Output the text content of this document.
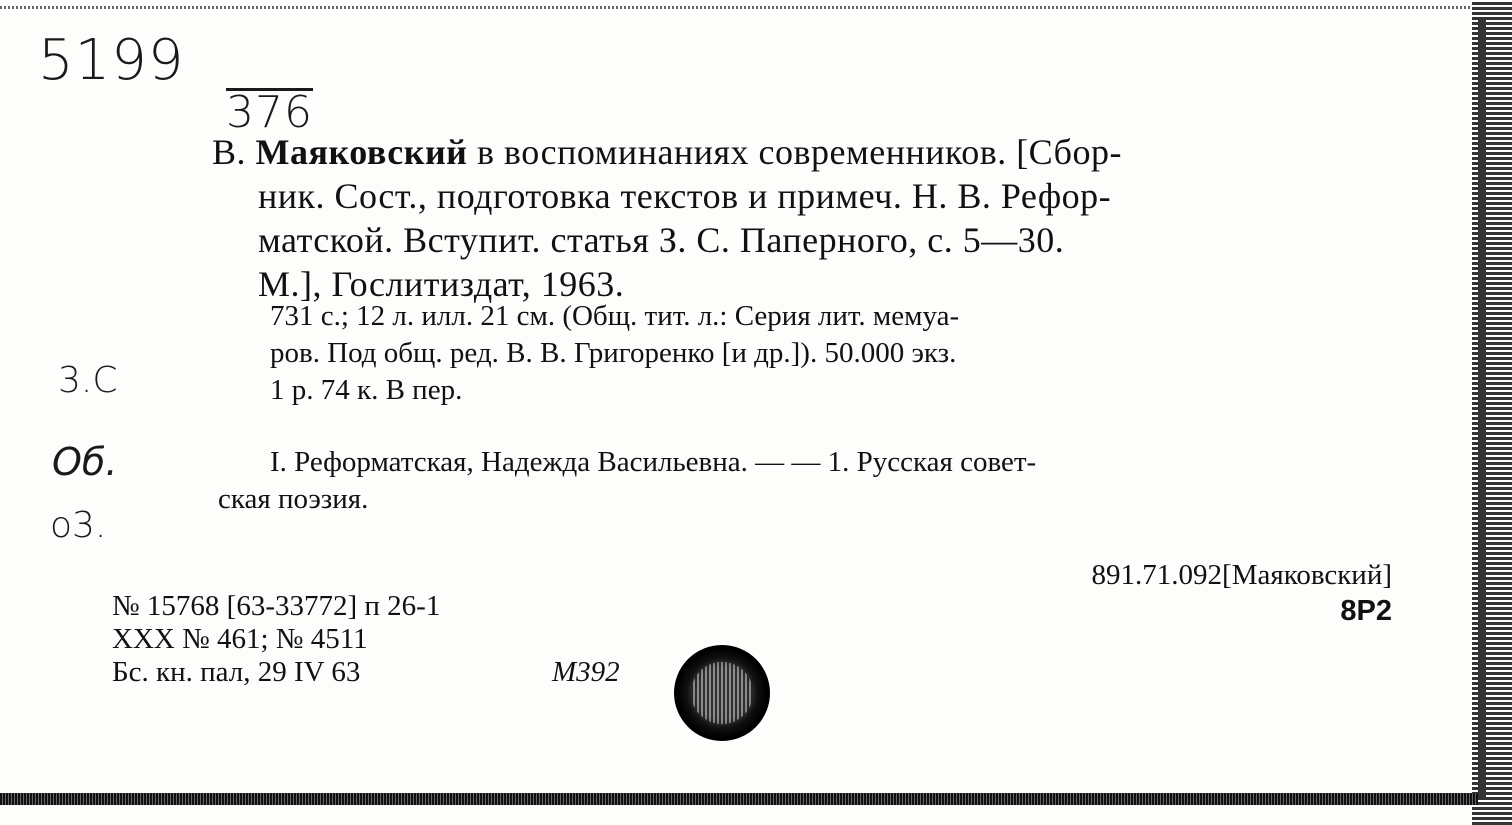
5199
376
3.С
Об.
о3.
В. Маяковский в воспоминаниях современников. [Сбор-
ник. Сост., подготовка текстов и примеч. Н. В. Рефор-
матской. Вступит. статья З. С. Паперного, с. 5—30.
М.], Гослитиздат, 1963.
731 с.; 12 л. илл. 21 см. (Общ. тит. л.: Серия лит. мемуа-
ров. Под общ. ред. В. В. Григоренко [и др.]). 50.000 экз.
1 р. 74 к. В пер.
I. Реформатская, Надежда Васильевна. — — 1. Русская совет-
ская поэзия.
891.71.092[Маяковский]
8Р2
№ 15768 [63-33772] п 26-1
ХХХ № 461; № 4511
Бс. кн. пал, 29 IV 63	М392
